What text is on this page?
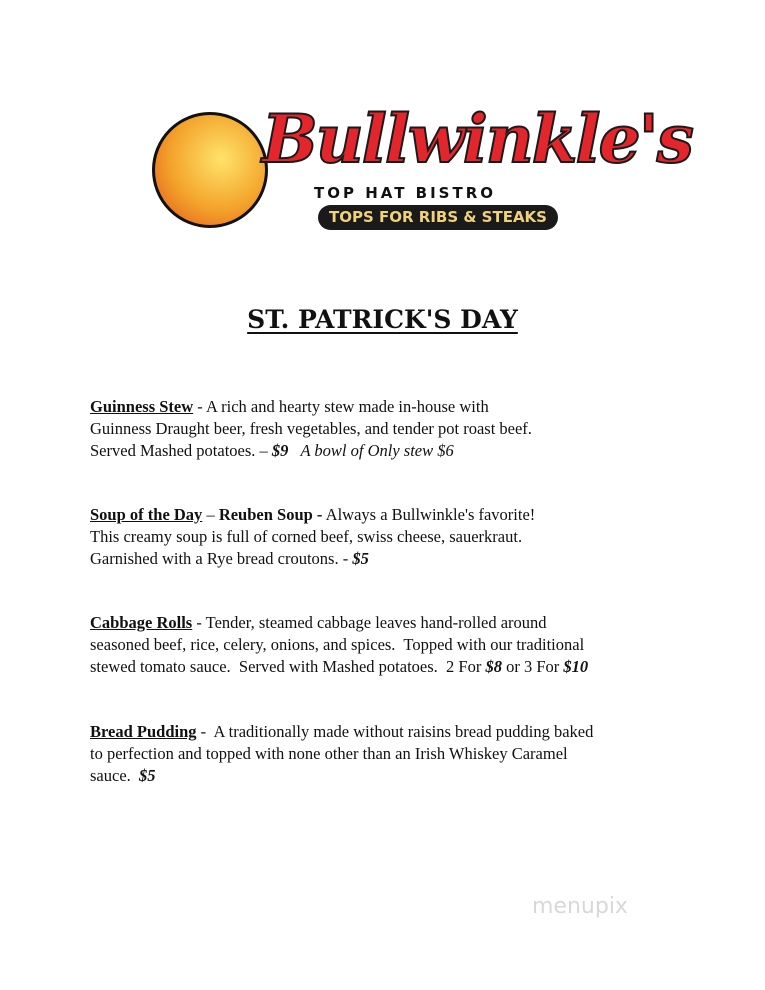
Bullwinkle's
TOP HAT BISTRO
TOPS FOR RIBS & STEAKS
ST. PATRICK'S DAY
Guinness Stew - A rich and hearty stew made in-house with
Guinness Draught beer, fresh vegetables, and tender pot roast beef.
Served Mashed potatoes. – $9   A bowl of Only stew $6
Soup of the Day – Reuben Soup - Always a Bullwinkle's favorite!
This creamy soup is full of corned beef, swiss cheese, sauerkraut.
Garnished with a Rye bread croutons. - $5
Cabbage Rolls - Tender, steamed cabbage leaves hand-rolled around
seasoned beef, rice, celery, onions, and spices.  Topped with our traditional
stewed tomato sauce.  Served with Mashed potatoes.  2 For $8 or 3 For $10
Bread Pudding -  A traditionally made without raisins bread pudding baked
to perfection and topped with none other than an Irish Whiskey Caramel
sauce.  $5
menupix
